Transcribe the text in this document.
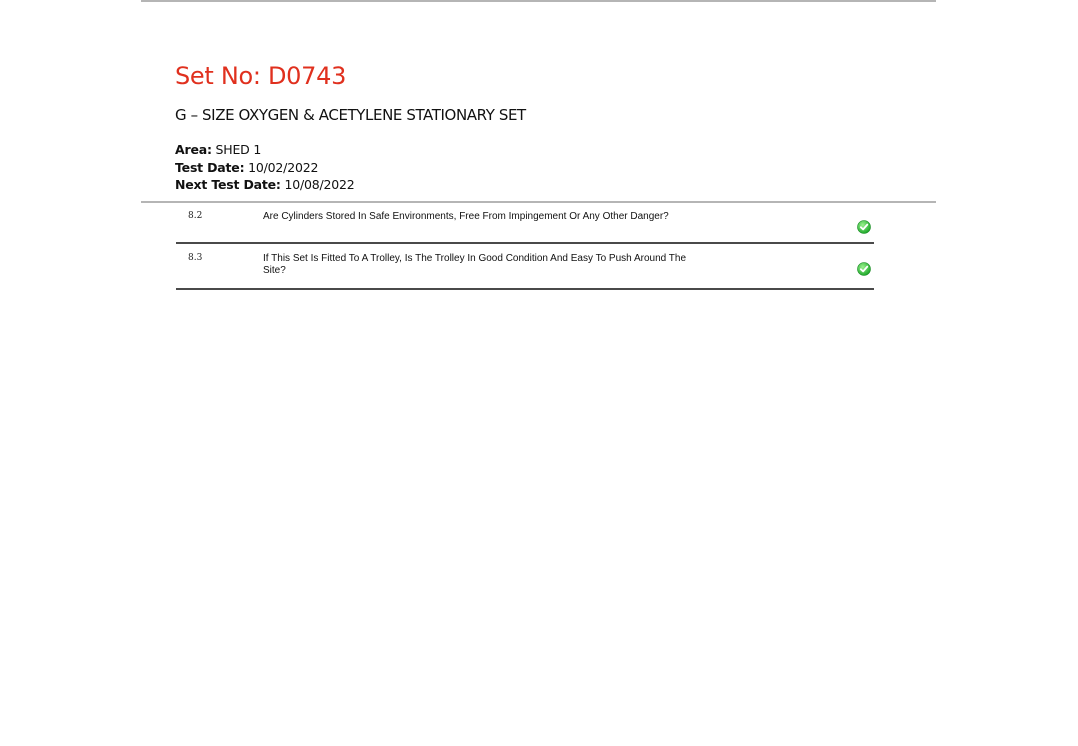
Set No: D0743
G – SIZE OXYGEN & ACETYLENE STATIONARY SET
Area: SHED 1
Test Date: 10/02/2022
Next Test Date: 10/08/2022
8.2	Are Cylinders Stored In Safe Environments, Free From Impingement Or Any Other Danger?
8.3	If This Set Is Fitted To A Trolley, Is The Trolley In Good Condition And Easy To Push Around The Site?
